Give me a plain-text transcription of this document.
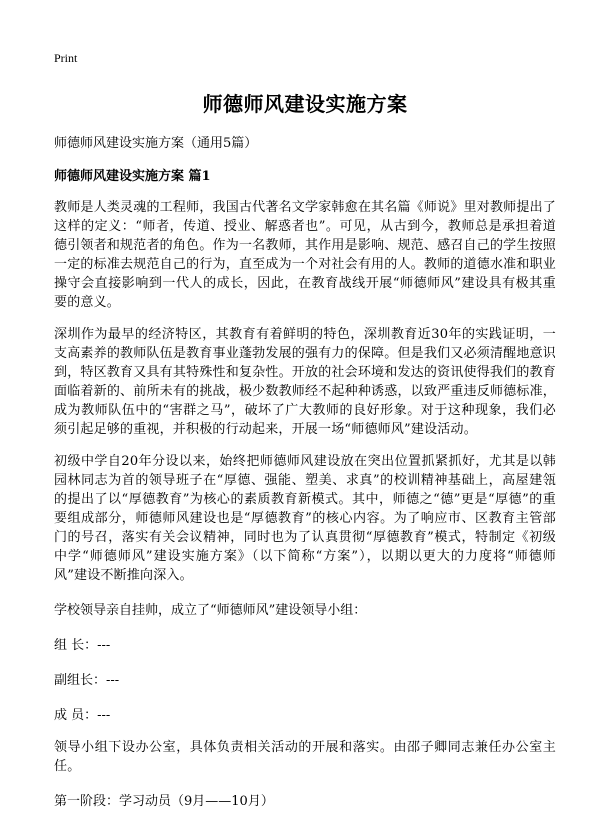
Print
师德师风建设实施方案

师德师风建设实施方案（通用5篇）

师德师风建设实施方案 篇1

教师是人类灵魂的工程师，我国古代著名文学家韩愈在其名篇《师说》里对教师提出了这样的定义：“师者，传道、授业、解惑者也”。可见，从古到今，教师总是承担着道德引领者和规范者的角色。作为一名教师，其作用是影响、规范、感召自己的学生按照一定的标准去规范自己的行为，直至成为一个对社会有用的人。教师的道德水准和职业操守会直接影响到一代人的成长，因此，在教育战线开展“师德师风”建设具有极其重要的意义。

深圳作为最早的经济特区，其教育有着鲜明的特色，深圳教育近30年的实践证明，一支高素养的教师队伍是教育事业蓬勃发展的强有力的保障。但是我们又必须清醒地意识到，特区教育又具有其特殊性和复杂性。开放的社会环境和发达的资讯使得我们的教育面临着新的、前所未有的挑战，极少数教师经不起种种诱惑，以致严重违反师德标准，成为教师队伍中的“害群之马”，破坏了广大教师的良好形象。对于这种现象，我们必须引起足够的重视，并积极的行动起来，开展一场“师德师风”建设活动。

初级中学自20年分设以来，始终把师德师风建设放在突出位置抓紧抓好，尤其是以韩园林同志为首的领导班子在“厚德、强能、塑美、求真”的校训精神基础上，高屋建瓴的提出了以“厚德教育”为核心的素质教育新模式。其中，师德之“德”更是“厚德”的重要组成部分，师德师风建设也是“厚德教育”的核心内容。为了响应市、区教育主管部门的号召，落实有关会议精神，同时也为了认真贯彻“厚德教育”模式，特制定《初级中学“师德师风”建设实施方案》（以下简称“方案”），以期以更大的力度将“师德师风”建设不断推向深入。

学校领导亲自挂帅，成立了“师德师风”建设领导小组：

组 长：---

副组长：---

成 员：---

领导小组下设办公室，具体负责相关活动的开展和落实。由邵子卿同志兼任办公室主任。

第一阶段：学习动员（9月——10月）
